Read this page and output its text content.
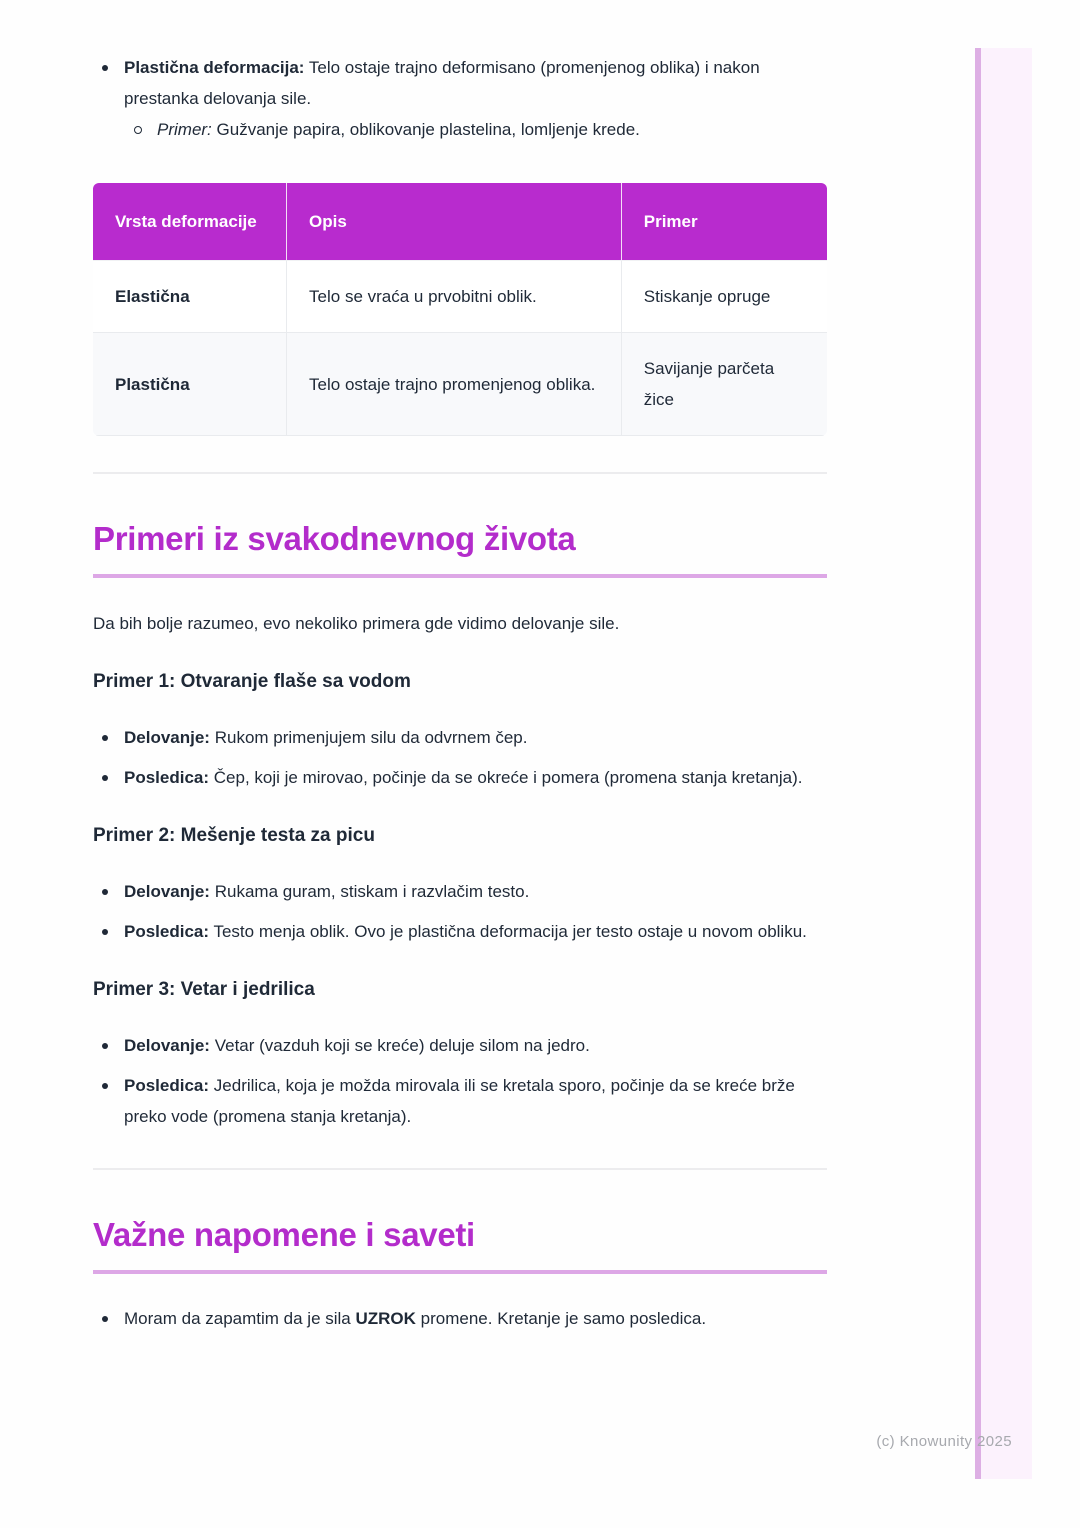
Plastična deformacija: Telo ostaje trajno deformisano (promenjenog oblika) i nakon prestanka delovanja sile.
Primer: Gužvanje papira, oblikovanje plastelina, lomljenje krede.
Vrsta deformacije	Opis	Primer
Elastična	Telo se vraća u prvobitni oblik.	Stiskanje opruge
Plastična	Telo ostaje trajno promenjenog oblika.	Savijanje parčeta žice
Primeri iz svakodnevnog života

Da bih bolje razumeo, evo nekoliko primera gde vidimo delovanje sile.

Primer 1: Otvaranje flaše sa vodom
Delovanje: Rukom primenjujem silu da odvrnem čep.
Posledica: Čep, koji je mirovao, počinje da se okreće i pomera (promena stanja kretanja).
Primer 2: Mešenje testa za picu
Delovanje: Rukama guram, stiskam i razvlačim testo.
Posledica: Testo menja oblik. Ovo je plastična deformacija jer testo ostaje u novom obliku.
Primer 3: Vetar i jedrilica
Delovanje: Vetar (vazduh koji se kreće) deluje silom na jedro.
Posledica: Jedrilica, koja je možda mirovala ili se kretala sporo, počinje da se kreće brže preko vode (promena stanja kretanja).
Važne napomene i saveti
Moram da zapamtim da je sila UZROK promene. Kretanje je samo posledica.
(c) Knowunity 2025
